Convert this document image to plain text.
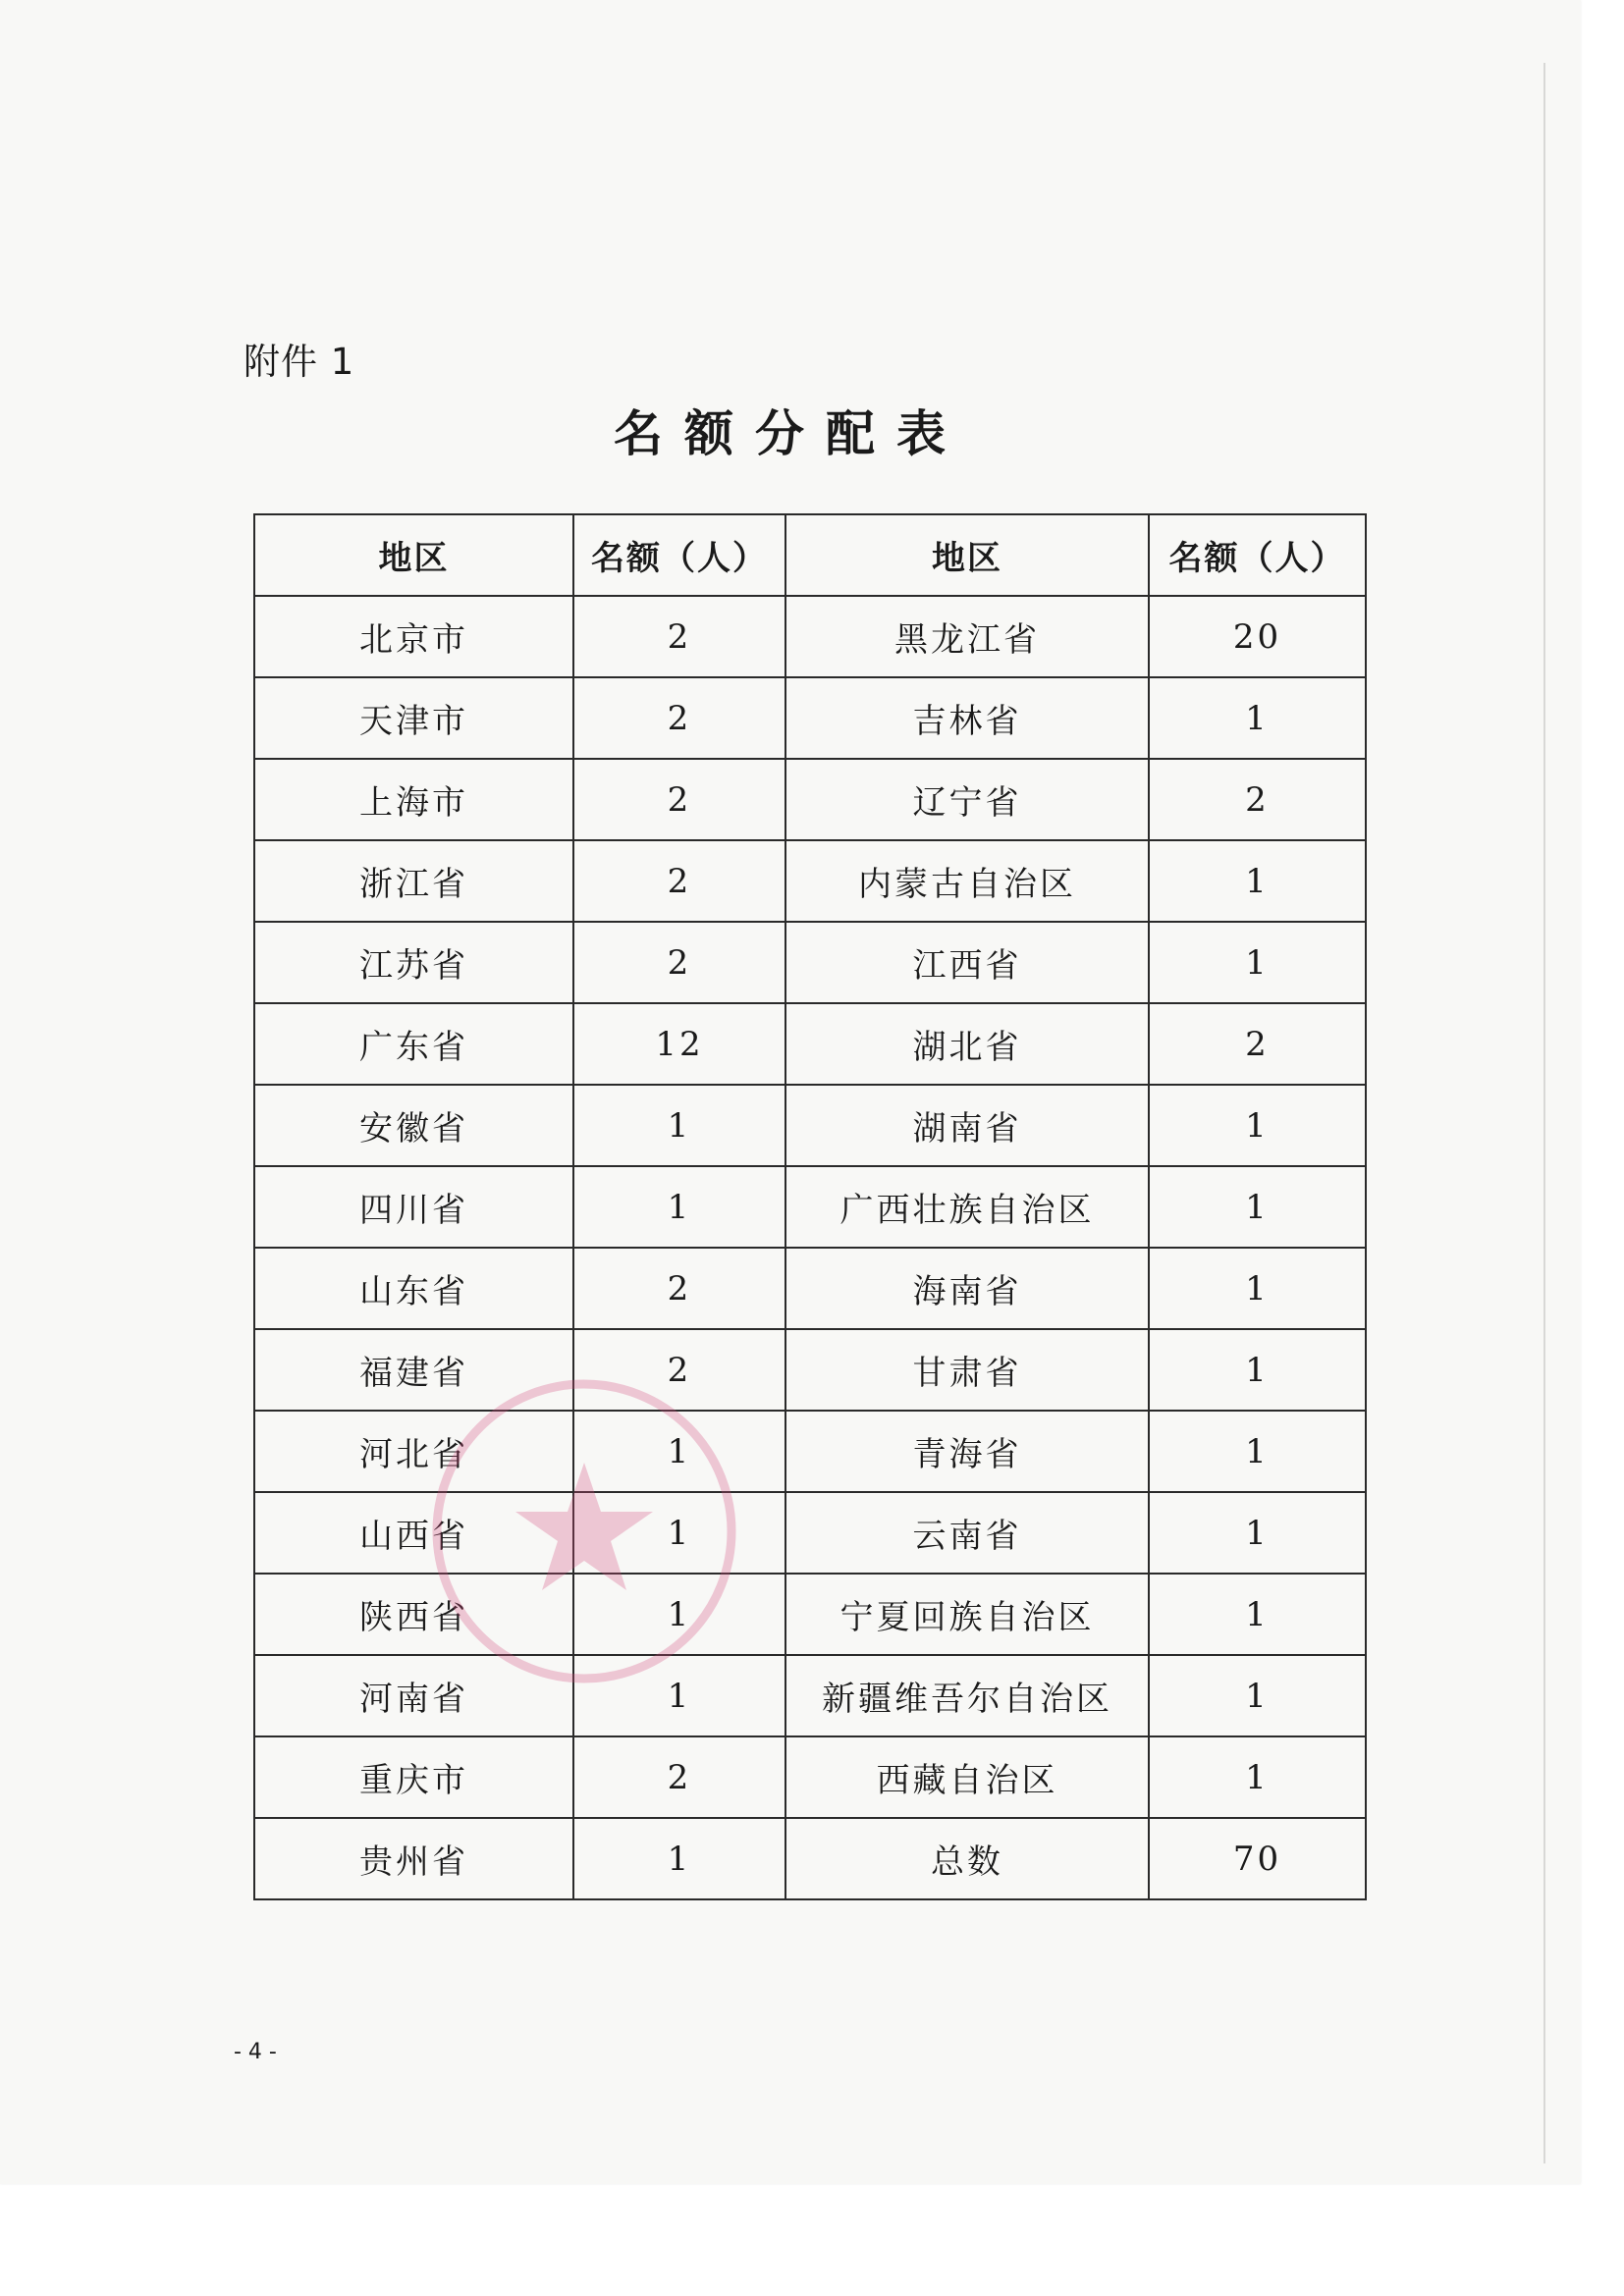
附件 1
名额分配表
地区	名额（人）	地区	名额（人）
北京市	2	黑龙江省	20
天津市	2	吉林省	1
上海市	2	辽宁省	2
浙江省	2	内蒙古自治区	1
江苏省	2	江西省	1
广东省	12	湖北省	2
安徽省	1	湖南省	1
四川省	1	广西壮族自治区	1
山东省	2	海南省	1
福建省	2	甘肃省	1
河北省	1	青海省	1
山西省	1	云南省	1
陕西省	1	宁夏回族自治区	1
河南省	1	新疆维吾尔自治区	1
重庆市	2	西藏自治区	1
贵州省	1	总数	70
- 4 -
